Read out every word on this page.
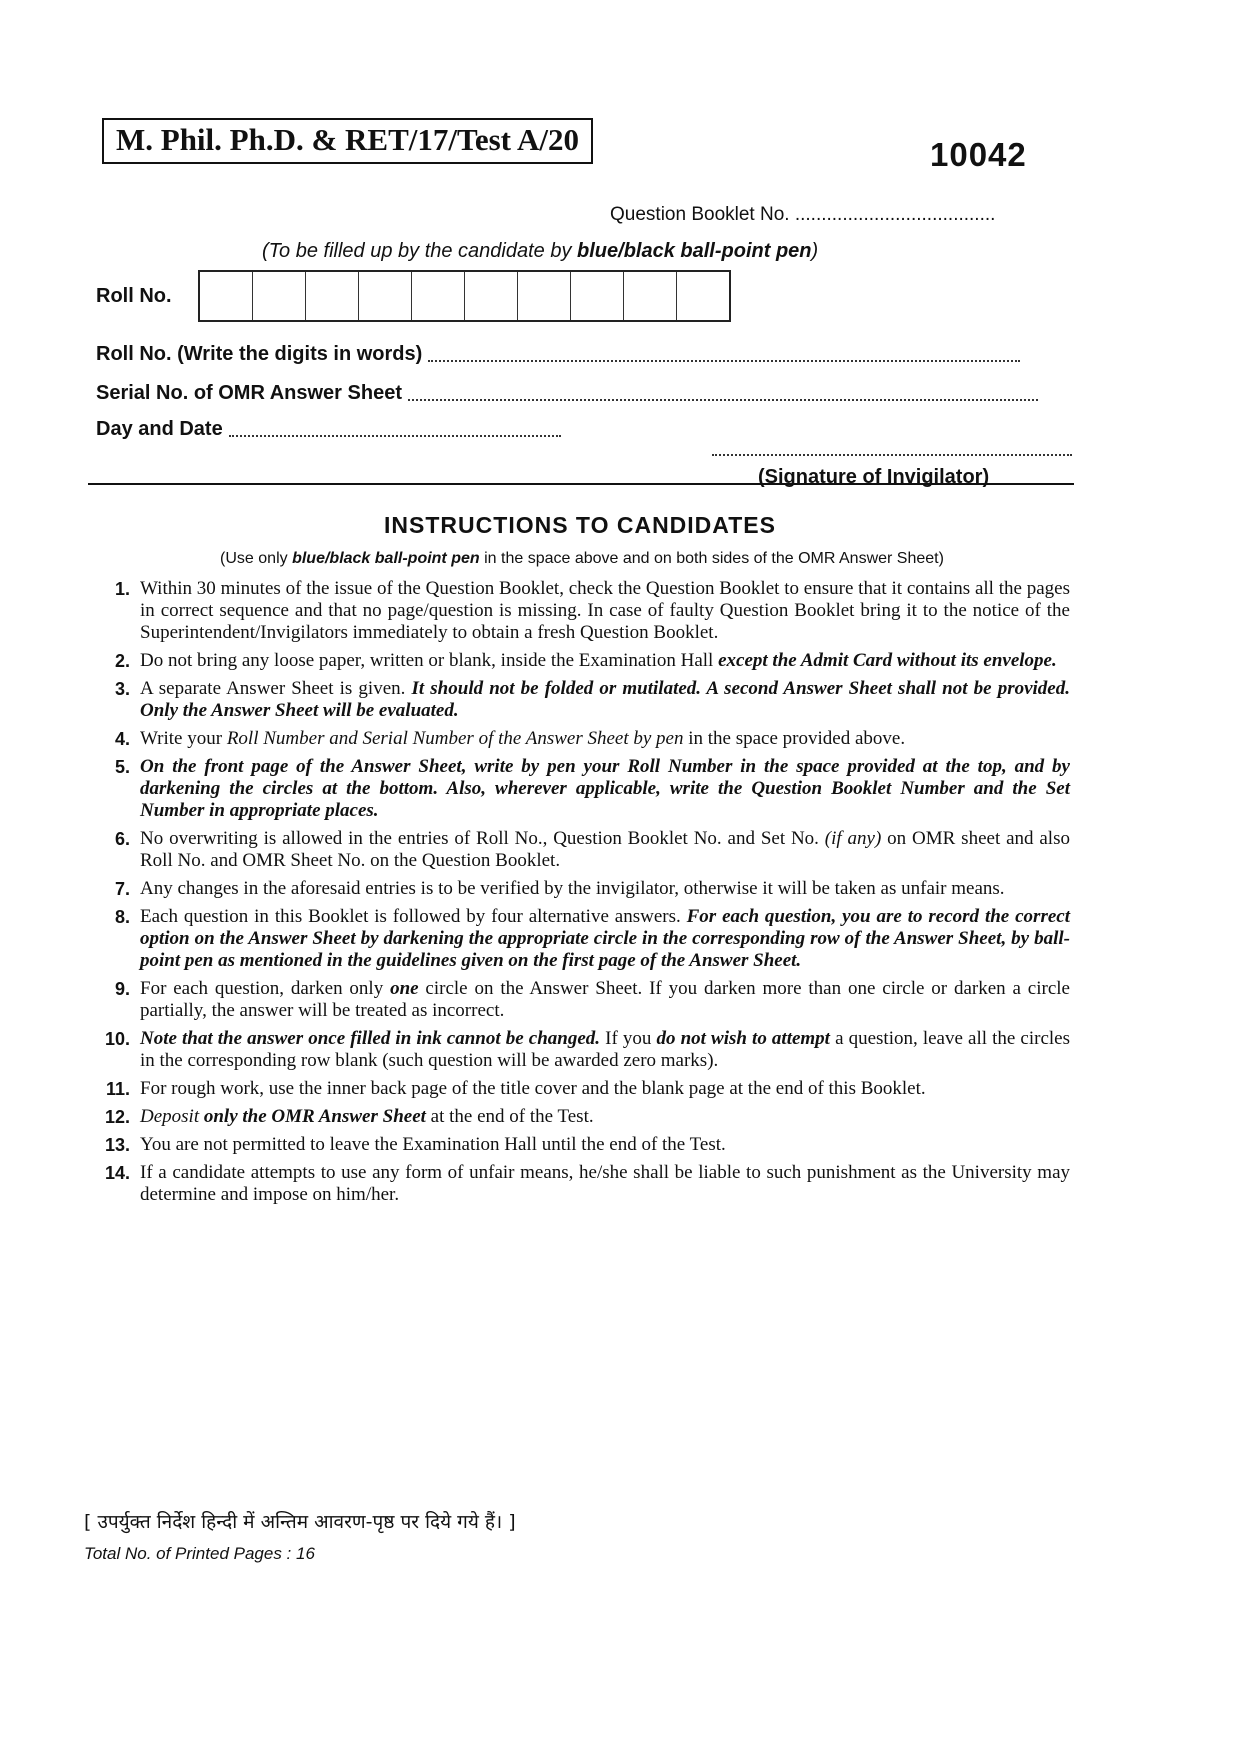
M. Phil. Ph.D. & RET/17/Test A/20	10042
Question Booklet No. ......................................
(To be filled up by the candidate by blue/black ball-point pen)
Roll No.
Roll No. (Write the digits in words)
Serial No. of OMR Answer Sheet
Day and Date
(Signature of Invigilator)
INSTRUCTIONS TO CANDIDATES
(Use only blue/black ball-point pen in the space above and on both sides of the OMR Answer Sheet)
1. Within 30 minutes of the issue of the Question Booklet, check the Question Booklet to ensure that it contains all the pages in correct sequence and that no page/question is missing. In case of faulty Question Booklet bring it to the notice of the Superintendent/Invigilators immediately to obtain a fresh Question Booklet.
2. Do not bring any loose paper, written or blank, inside the Examination Hall except the Admit Card without its envelope.
3. A separate Answer Sheet is given. It should not be folded or mutilated. A second Answer Sheet shall not be provided. Only the Answer Sheet will be evaluated.
4. Write your Roll Number and Serial Number of the Answer Sheet by pen in the space provided above.
5. On the front page of the Answer Sheet, write by pen your Roll Number in the space provided at the top, and by darkening the circles at the bottom. Also, wherever applicable, write the Question Booklet Number and the Set Number in appropriate places.
6. No overwriting is allowed in the entries of Roll No., Question Booklet No. and Set No. (if any) on OMR sheet and also Roll No. and OMR Sheet No. on the Question Booklet.
7. Any changes in the aforesaid entries is to be verified by the invigilator, otherwise it will be taken as unfair means.
8. Each question in this Booklet is followed by four alternative answers. For each question, you are to record the correct option on the Answer Sheet by darkening the appropriate circle in the corresponding row of the Answer Sheet, by ball-point pen as mentioned in the guidelines given on the first page of the Answer Sheet.
9. For each question, darken only one circle on the Answer Sheet. If you darken more than one circle or darken a circle partially, the answer will be treated as incorrect.
10. Note that the answer once filled in ink cannot be changed. If you do not wish to attempt a question, leave all the circles in the corresponding row blank (such question will be awarded zero marks).
11. For rough work, use the inner back page of the title cover and the blank page at the end of this Booklet.
12. Deposit only the OMR Answer Sheet at the end of the Test.
13. You are not permitted to leave the Examination Hall until the end of the Test.
14. If a candidate attempts to use any form of unfair means, he/she shall be liable to such punishment as the University may determine and impose on him/her.
[ उपर्युक्त निर्देश हिन्दी में अन्तिम आवरण-पृष्ठ पर दिये गये हैं। ]
Total No. of Printed Pages : 16
